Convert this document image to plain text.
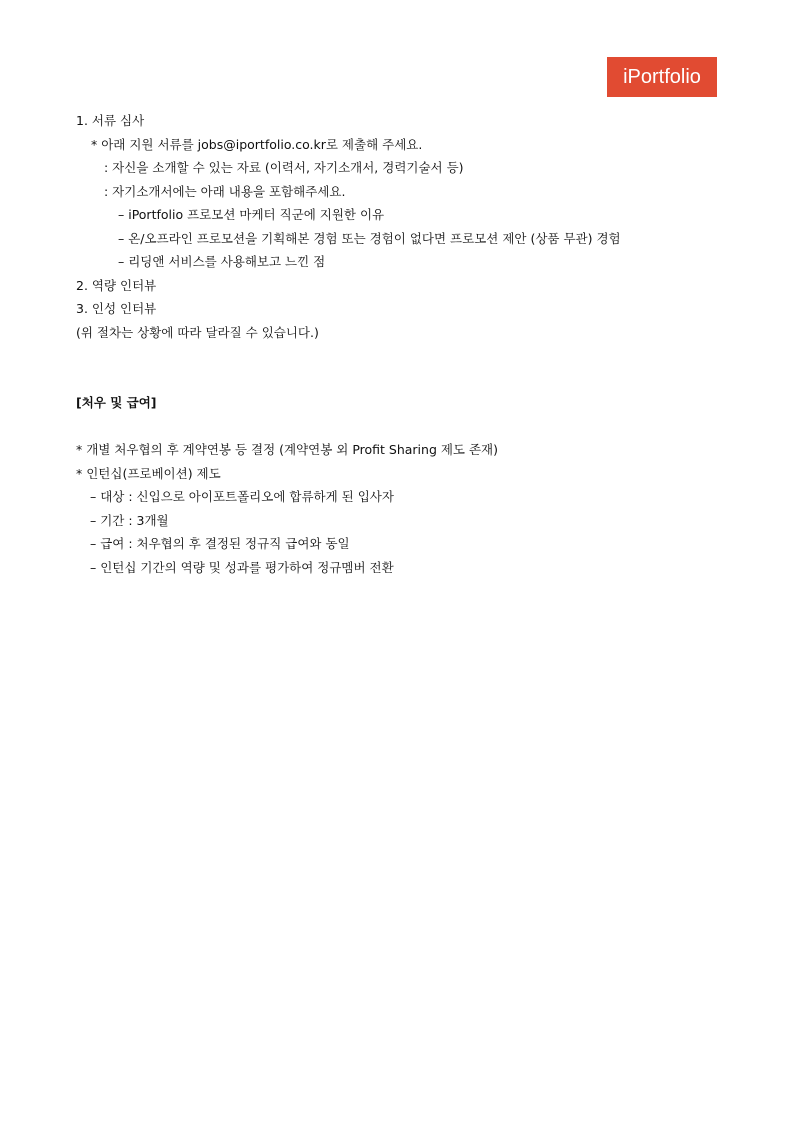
iPortfolio
1. 서류 심사
* 아래 지원 서류를 jobs@iportfolio.co.kr로 제출해 주세요.
: 자신을 소개할 수 있는 자료 (이력서, 자기소개서, 경력기술서 등)
: 자기소개서에는 아래 내용을 포함해주세요.
– iPortfolio 프로모션 마케터 직군에 지원한 이유
– 온/오프라인 프로모션을 기획해본 경험 또는 경험이 없다면 프로모션 제안 (상품 무관) 경험
– 리딩앤 서비스를 사용해보고 느낀 점
2. 역량 인터뷰
3. 인성 인터뷰
(위 절차는 상황에 따라 달라질 수 있습니다.)
[처우 및 급여]
* 개별 처우협의 후 계약연봉 등 결정 (계약연봉 외 Profit Sharing 제도 존재)
* 인턴십(프로베이션) 제도
– 대상 : 신입으로 아이포트폴리오에 합류하게 된 입사자
– 기간 : 3개월
– 급여 : 처우협의 후 결정된 정규직 급여와 동일
– 인턴십 기간의 역량 및 성과를 평가하여 정규멤버 전환
